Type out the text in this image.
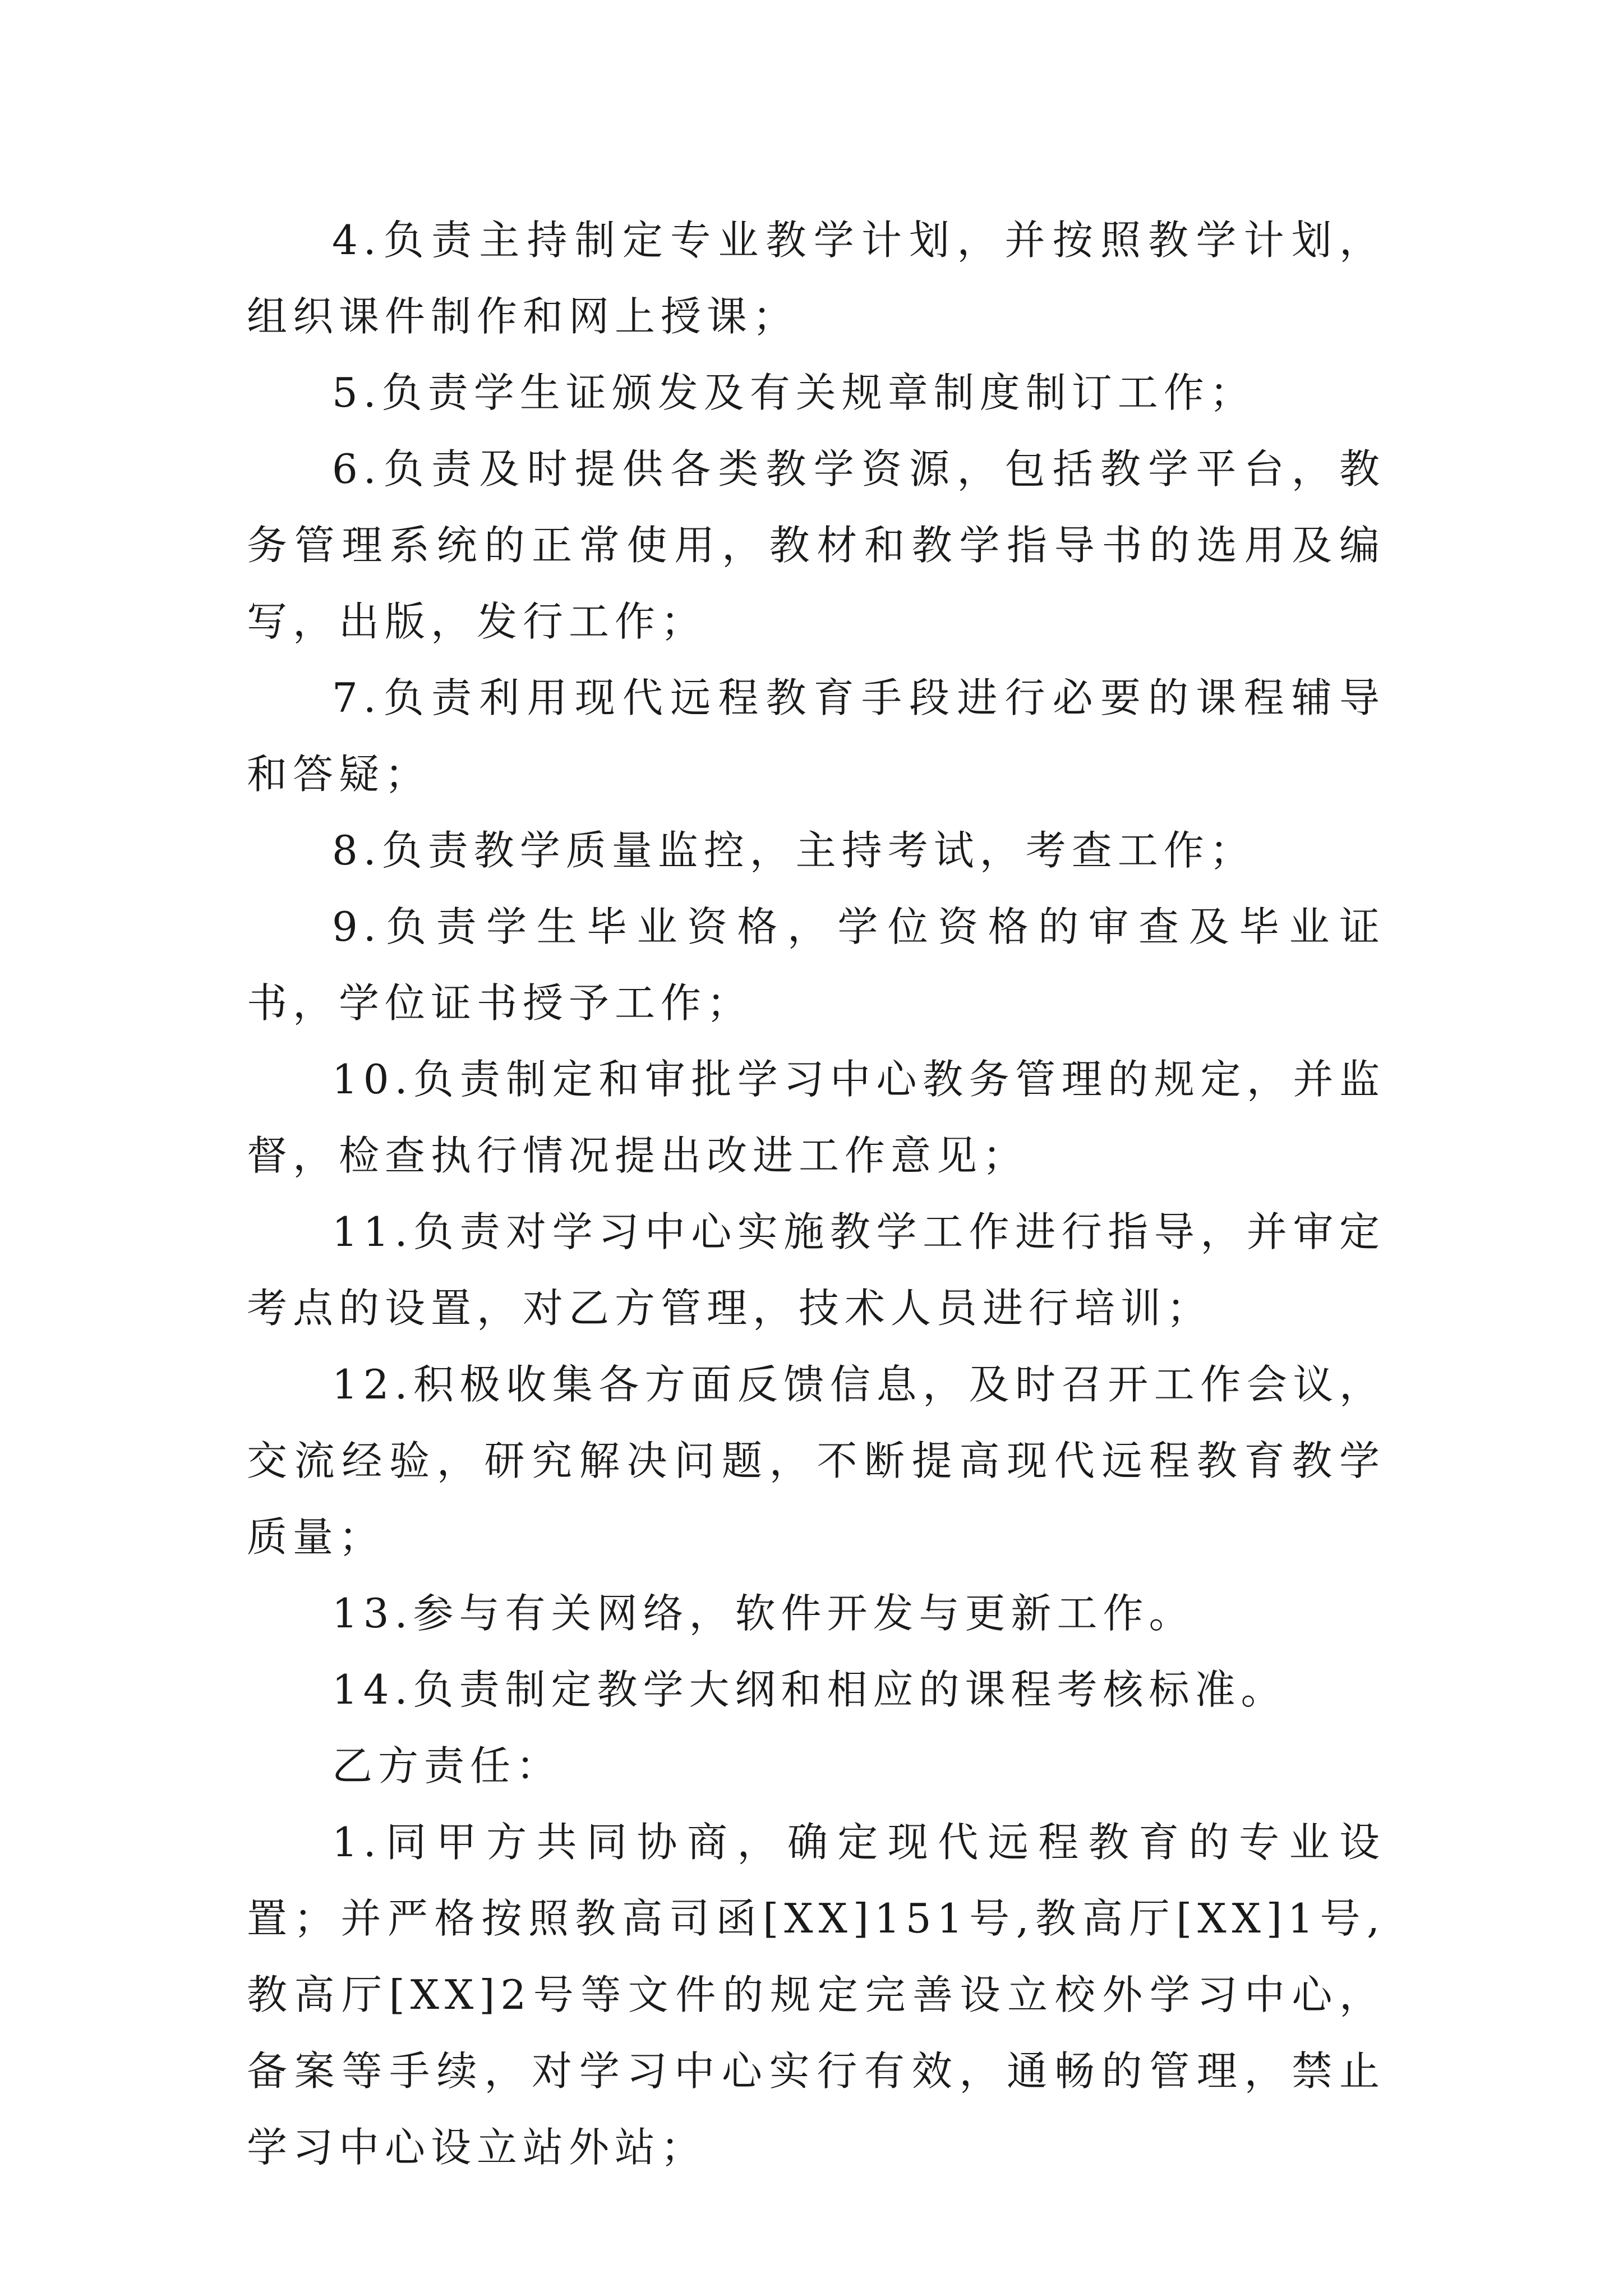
4.负责主持制定专业教学计划，并按照教学计划，组织课件制作和网上授课；

5.负责学生证颁发及有关规章制度制订工作；

6.负责及时提供各类教学资源，包括教学平台，教务管理系统的正常使用，教材和教学指导书的选用及编写，出版，发行工作；

7.负责利用现代远程教育手段进行必要的课程辅导和答疑；

8.负责教学质量监控，主持考试，考查工作；

9.负责学生毕业资格，学位资格的审查及毕业证书，学位证书授予工作；

10.负责制定和审批学习中心教务管理的规定，并监督，检查执行情况提出改进工作意见；

11.负责对学习中心实施教学工作进行指导，并审定考点的设置，对乙方管理，技术人员进行培训；

12.积极收集各方面反馈信息，及时召开工作会议，交流经验，研究解决问题，不断提高现代远程教育教学质量；

13.参与有关网络，软件开发与更新工作。

14.负责制定教学大纲和相应的课程考核标准。

乙方责任：

1.同甲方共同协商，确定现代远程教育的专业设置；并严格按照教高司函[XX]151号,教高厅[XX]1号,教高厅[XX]2号等文件的规定完善设立校外学习中心，备案等手续，对学习中心实行有效，通畅的管理，禁止学习中心设立站外站；
